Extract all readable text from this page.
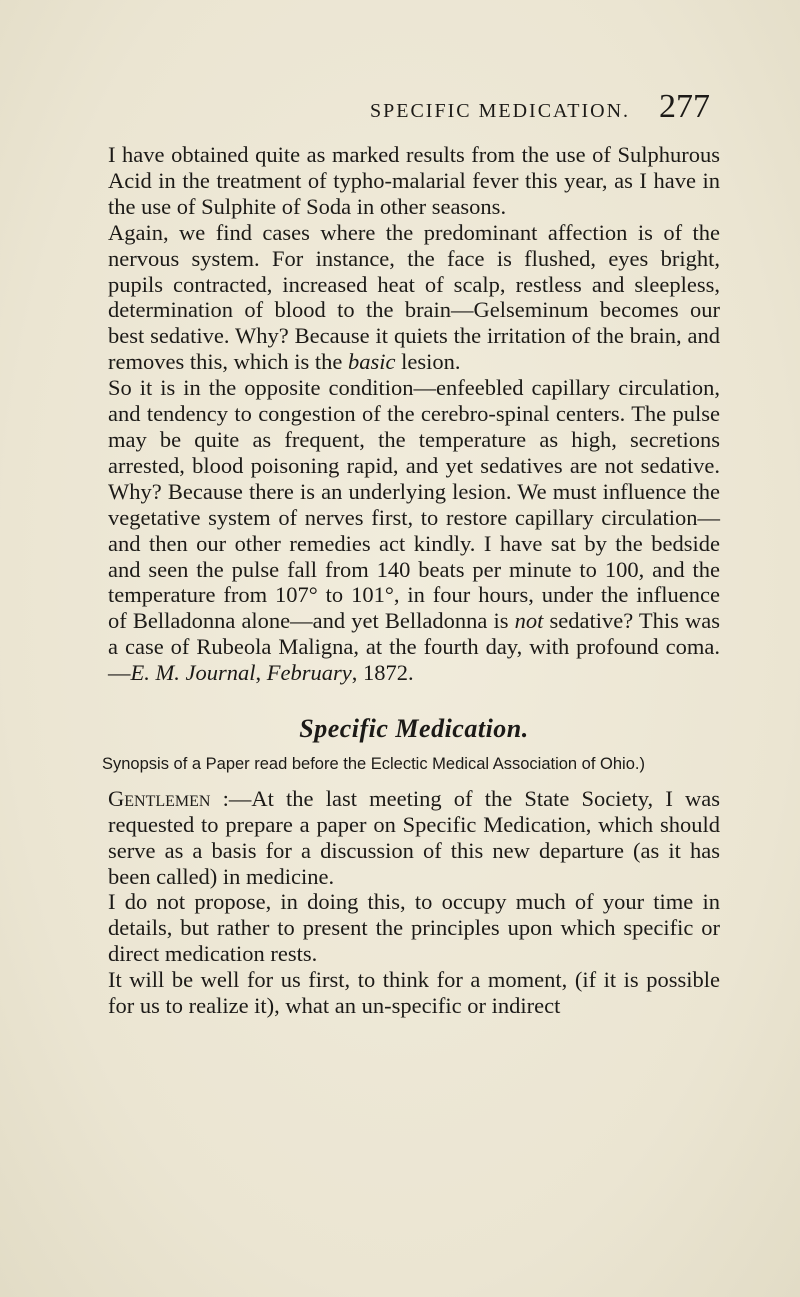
SPECIFIC MEDICATION. 277

I have obtained quite as marked results from the use of Sulphurous Acid in the treatment of typho-malarial fever this year, as I have in the use of Sulphite of Soda in other seasons.

Again, we find cases where the predominant affection is of the nervous system. For instance, the face is flushed, eyes bright, pupils contracted, increased heat of scalp, restless and sleepless, determination of blood to the brain—Gelseminum becomes our best sedative. Why? Because it quiets the irritation of the brain, and removes this, which is the basic lesion.

So it is in the opposite condition—enfeebled capillary circulation, and tendency to congestion of the cerebro-spinal centers. The pulse may be quite as frequent, the temperature as high, secretions arrested, blood poisoning rapid, and yet sedatives are not sedative. Why? Because there is an underlying lesion. We must influence the vegetative system of nerves first, to restore capillary circulation—and then our other remedies act kindly. I have sat by the bedside and seen the pulse fall from 140 beats per minute to 100, and the temperature from 107° to 101°, in four hours, under the influence of Belladonna alone—and yet Belladonna is not sedative? This was a case of Rubeola Maligna, at the fourth day, with profound coma.—E. M. Journal, February, 1872.

Specific Medication.
Synopsis of a Paper read before the Eclectic Medical Association of Ohio.)

Gentlemen :—At the last meeting of the State Society, I was requested to prepare a paper on Specific Medication, which should serve as a basis for a discussion of this new departure (as it has been called) in medicine.

I do not propose, in doing this, to occupy much of your time in details, but rather to present the principles upon which specific or direct medication rests.

It will be well for us first, to think for a moment, (if it is possible for us to realize it), what an un-specific or indirect
